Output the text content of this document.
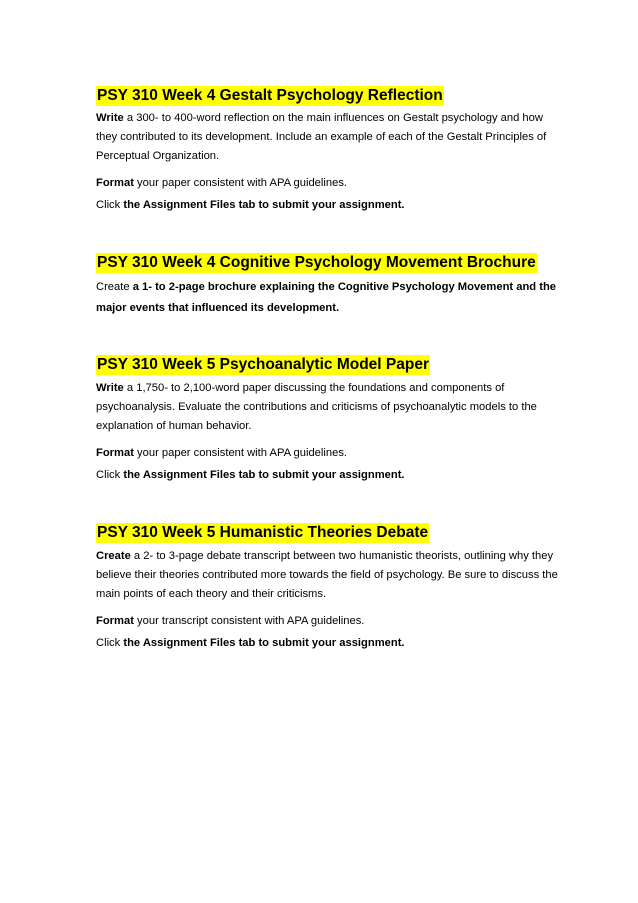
PSY 310 Week 4 Gestalt Psychology Reflection

Write a 300- to 400-word reflection on the main influences on Gestalt psychology and how they contributed to its development. Include an example of each of the Gestalt Principles of Perceptual Organization.

Format your paper consistent with APA guidelines.

Click the Assignment Files tab to submit your assignment.

PSY 310 Week 4 Cognitive Psychology Movement Brochure

Create a 1- to 2-page brochure explaining the Cognitive Psychology Movement and the major events that influenced its development.

PSY 310 Week 5 Psychoanalytic Model Paper

Write a 1,750- to 2,100-word paper discussing the foundations and components of psychoanalysis. Evaluate the contributions and criticisms of psychoanalytic models to the explanation of human behavior.

Format your paper consistent with APA guidelines.

Click the Assignment Files tab to submit your assignment.

PSY 310 Week 5 Humanistic Theories Debate

Create a 2- to 3-page debate transcript between two humanistic theorists, outlining why they believe their theories contributed more towards the field of psychology. Be sure to discuss the main points of each theory and their criticisms.

Format your transcript consistent with APA guidelines.

Click the Assignment Files tab to submit your assignment.
